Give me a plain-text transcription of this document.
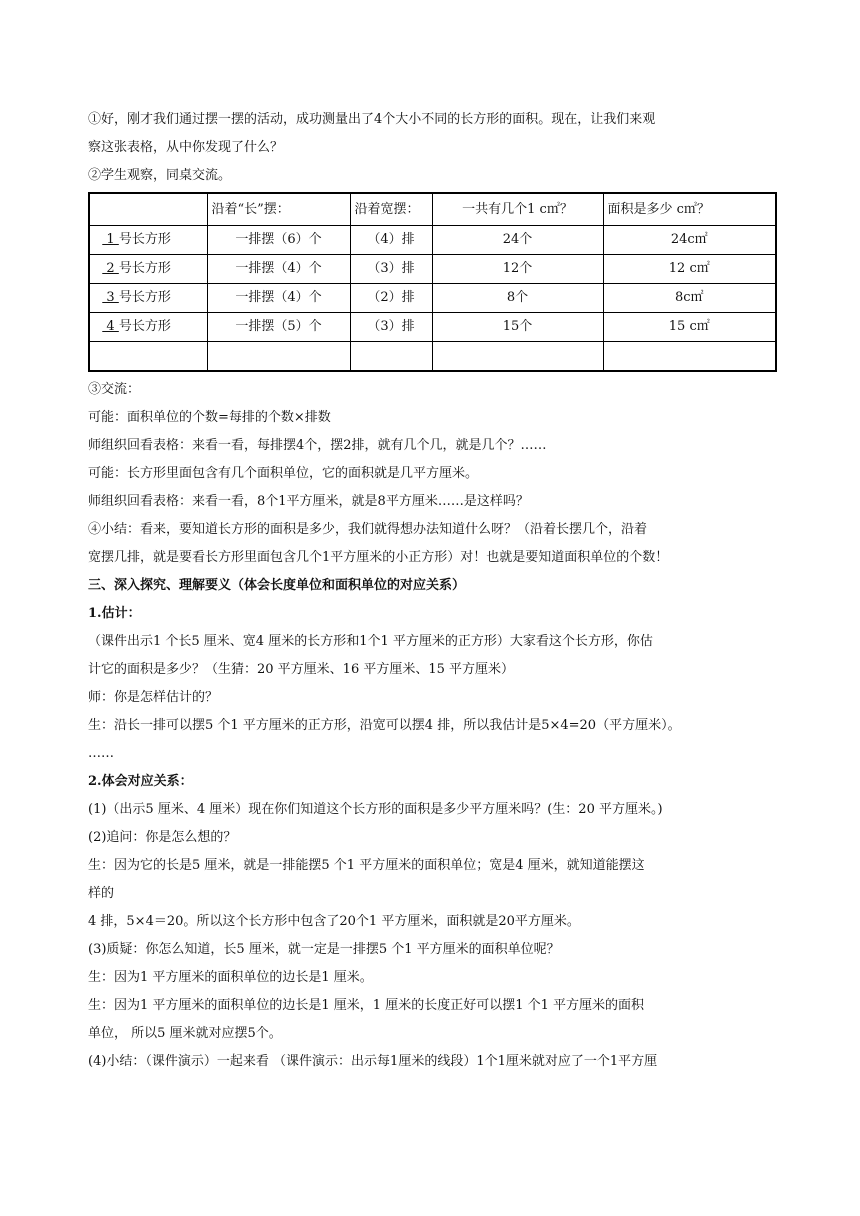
①好，刚才我们通过摆一摆的活动，成功测量出了4个大小不同的长方形的面积。现在，让我们来观

察这张表格，从中你发现了什么？

②学生观察，同桌交流。

	沿着“长”摆：	沿着宽摆：	一共有几个1 c㎡？	面积是多少 c㎡？
1 号长方形	一排摆（6）个	（4）排	24个	24c㎡
2 号长方形	一排摆（4）个	（3）排	12个	12 c㎡
3 号长方形	一排摆（4）个	（2）排	8个	8c㎡
4 号长方形	一排摆（5）个	（3）排	15个	15 c㎡

③交流：

可能：面积单位的个数=每排的个数×排数

师组织回看表格：来看一看，每排摆4个，摆2排，就有几个几，就是几个？……

可能：长方形里面包含有几个面积单位，它的面积就是几平方厘米。

师组织回看表格：来看一看，8个1平方厘米，就是8平方厘米……是这样吗？

④小结：看来，要知道长方形的面积是多少，我们就得想办法知道什么呀？（沿着长摆几个，沿着

宽摆几排，就是要看长方形里面包含几个1平方厘米的小正方形）对！也就是要知道面积单位的个数！

三、深入探究、理解要义（体会长度单位和面积单位的对应关系）

1.估计：

（课件出示1 个长5 厘米、宽4 厘米的长方形和1个1 平方厘米的正方形）大家看这个长方形，你估

计它的面积是多少？（生猜：20 平方厘米、16 平方厘米、15 平方厘米）

师：你是怎样估计的？

生：沿长一排可以摆5 个1 平方厘米的正方形，沿宽可以摆4 排，所以我估计是5×4=20（平方厘米）。

……

2.体会对应关系：

(1)（出示5 厘米、4 厘米）现在你们知道这个长方形的面积是多少平方厘米吗？(生：20 平方厘米。)

(2)追问：你是怎么想的？

生：因为它的长是5 厘米，就是一排能摆5 个1 平方厘米的面积单位；宽是4 厘米，就知道能摆这

样的

4 排，5×4＝20。所以这个长方形中包含了20个1 平方厘米，面积就是20平方厘米。

(3)质疑：你怎么知道，长5 厘米，就一定是一排摆5 个1 平方厘米的面积单位呢？

生：因为1 平方厘米的面积单位的边长是1 厘米。

生：因为1 平方厘米的面积单位的边长是1 厘米，1 厘米的长度正好可以摆1 个1 平方厘米的面积

单位， 所以5 厘米就对应摆5个。

(4)小结：（课件演示）一起来看 （课件演示：出示每1厘米的线段）1个1厘米就对应了一个1平方厘
